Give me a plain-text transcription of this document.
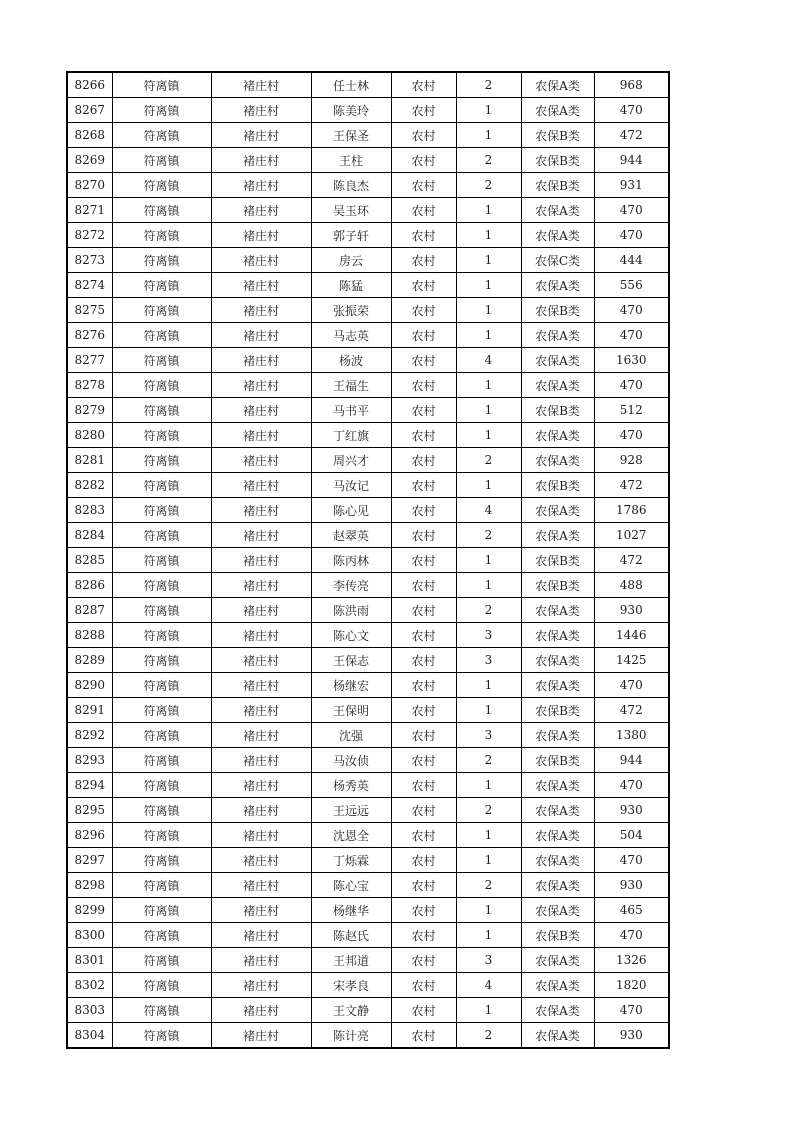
8266	符离镇	褚庄村	任士林	农村	2	农保A类	968
8267	符离镇	褚庄村	陈美玲	农村	1	农保A类	470
8268	符离镇	褚庄村	王保圣	农村	1	农保B类	472
8269	符离镇	褚庄村	王柱	农村	2	农保B类	944
8270	符离镇	褚庄村	陈良杰	农村	2	农保B类	931
8271	符离镇	褚庄村	吴玉环	农村	1	农保A类	470
8272	符离镇	褚庄村	郭子轩	农村	1	农保A类	470
8273	符离镇	褚庄村	房云	农村	1	农保C类	444
8274	符离镇	褚庄村	陈猛	农村	1	农保A类	556
8275	符离镇	褚庄村	张振荣	农村	1	农保B类	470
8276	符离镇	褚庄村	马志英	农村	1	农保A类	470
8277	符离镇	褚庄村	杨波	农村	4	农保A类	1630
8278	符离镇	褚庄村	王福生	农村	1	农保A类	470
8279	符离镇	褚庄村	马书平	农村	1	农保B类	512
8280	符离镇	褚庄村	丁红旗	农村	1	农保A类	470
8281	符离镇	褚庄村	周兴才	农村	2	农保A类	928
8282	符离镇	褚庄村	马汝记	农村	1	农保B类	472
8283	符离镇	褚庄村	陈心见	农村	4	农保A类	1786
8284	符离镇	褚庄村	赵翠英	农村	2	农保A类	1027
8285	符离镇	褚庄村	陈丙林	农村	1	农保B类	472
8286	符离镇	褚庄村	李传亮	农村	1	农保B类	488
8287	符离镇	褚庄村	陈洪雨	农村	2	农保A类	930
8288	符离镇	褚庄村	陈心文	农村	3	农保A类	1446
8289	符离镇	褚庄村	王保志	农村	3	农保A类	1425
8290	符离镇	褚庄村	杨继宏	农村	1	农保A类	470
8291	符离镇	褚庄村	王保明	农村	1	农保B类	472
8292	符离镇	褚庄村	沈强	农村	3	农保A类	1380
8293	符离镇	褚庄村	马汝侦	农村	2	农保B类	944
8294	符离镇	褚庄村	杨秀英	农村	1	农保A类	470
8295	符离镇	褚庄村	王远远	农村	2	农保A类	930
8296	符离镇	褚庄村	沈恩全	农村	1	农保A类	504
8297	符离镇	褚庄村	丁烁霖	农村	1	农保A类	470
8298	符离镇	褚庄村	陈心宝	农村	2	农保A类	930
8299	符离镇	褚庄村	杨继华	农村	1	农保A类	465
8300	符离镇	褚庄村	陈赵氏	农村	1	农保B类	470
8301	符离镇	褚庄村	王邦道	农村	3	农保A类	1326
8302	符离镇	褚庄村	宋孝良	农村	4	农保A类	1820
8303	符离镇	褚庄村	王文静	农村	1	农保A类	470
8304	符离镇	褚庄村	陈计亮	农村	2	农保A类	930
